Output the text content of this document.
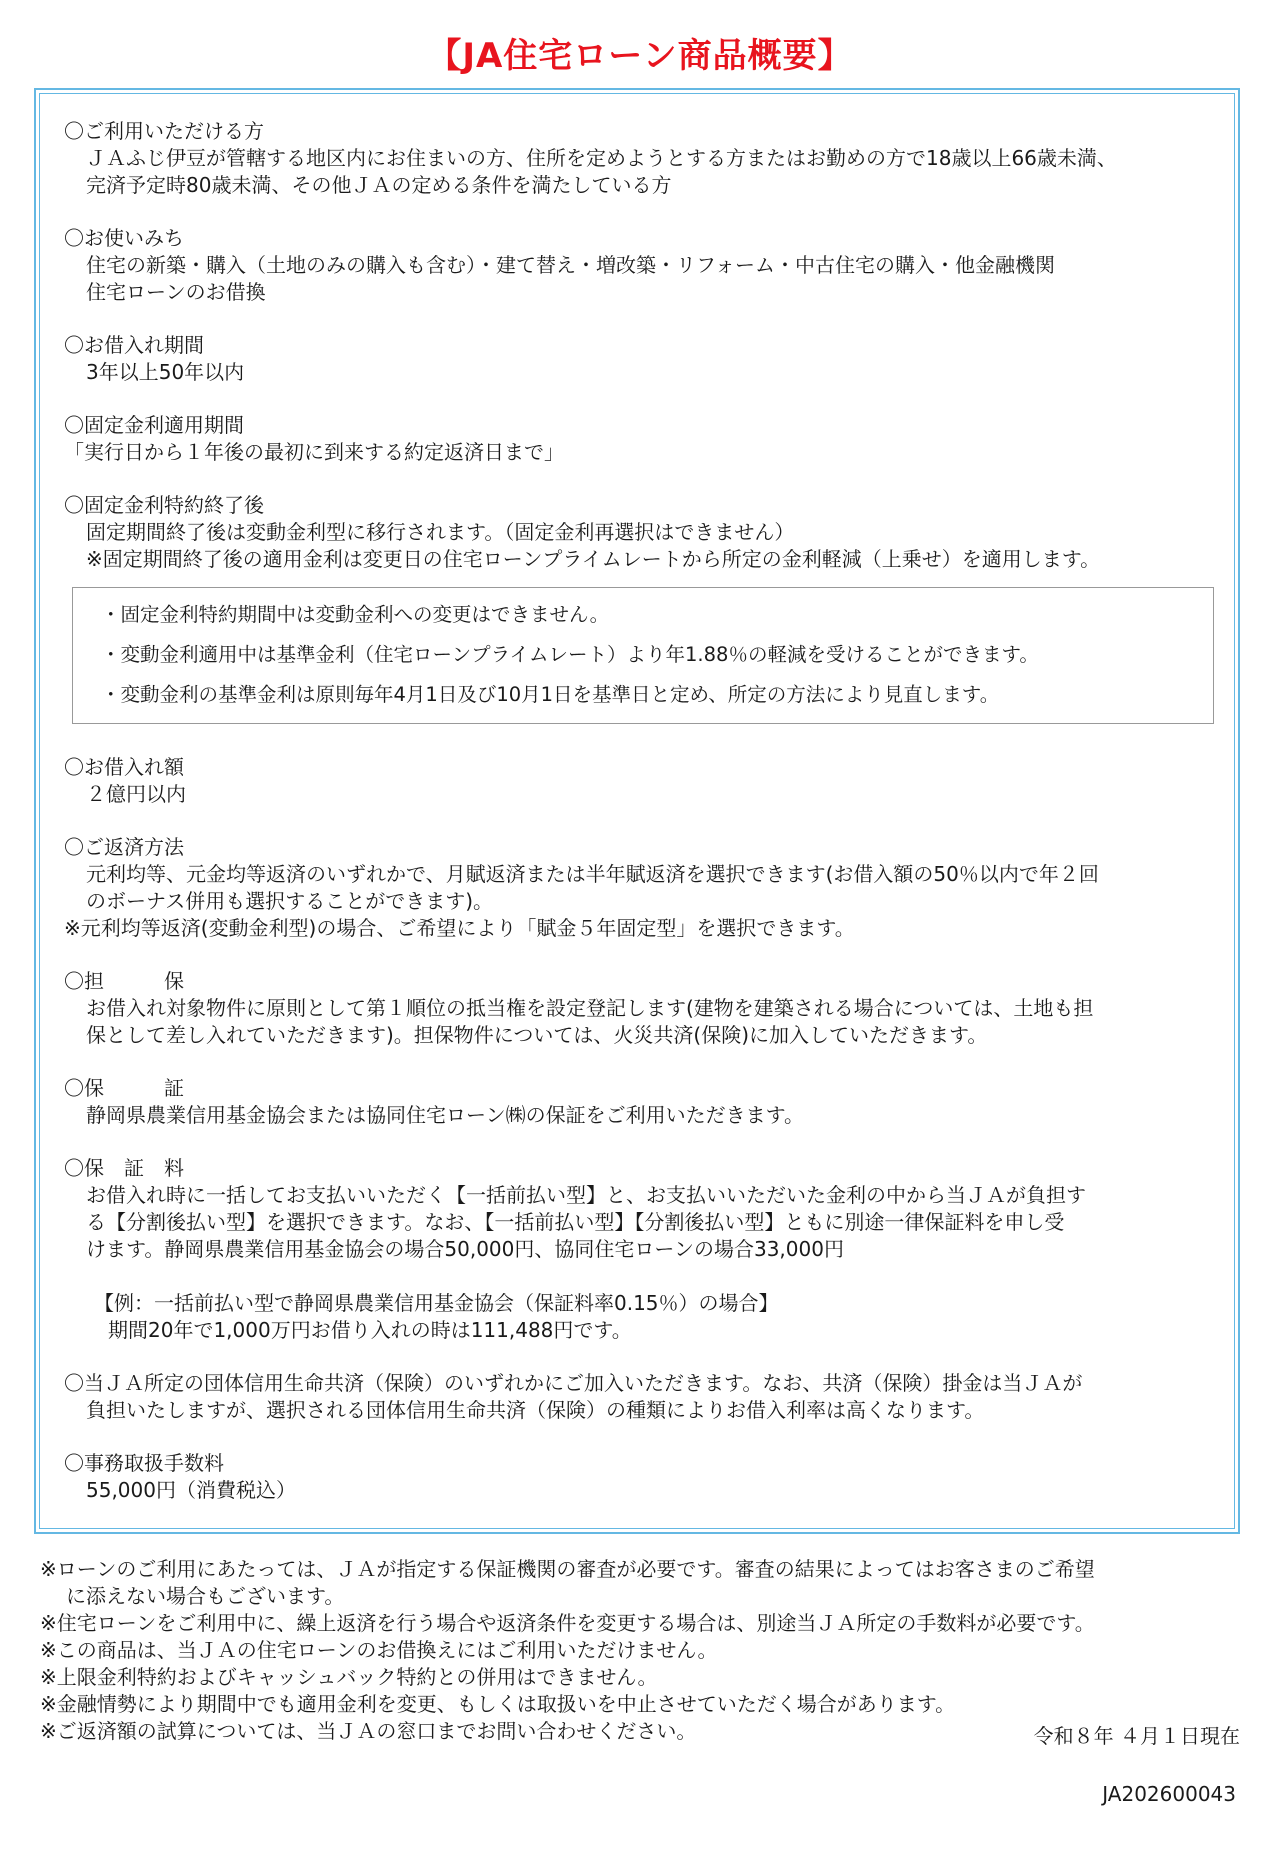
【JA住宅ローン商品概要】
〇ご利用いただける方
ＪＡふじ伊豆が管轄する地区内にお住まいの方、住所を定めようとする方またはお勤めの方で18歳以上66歳未満、
完済予定時80歳未満、その他ＪＡの定める条件を満たしている方
〇お使いみち
住宅の新築・購入（土地のみの購入も含む）・建て替え・増改築・リフォーム・中古住宅の購入・他金融機関
住宅ローンのお借換
〇お借入れ期間
3年以上50年以内
〇固定金利適用期間
「実行日から１年後の最初に到来する約定返済日まで」
〇固定金利特約終了後
固定期間終了後は変動金利型に移行されます。（固定金利再選択はできません）
※固定期間終了後の適用金利は変更日の住宅ローンプライムレートから所定の金利軽減（上乗せ）を適用します。
・固定金利特約期間中は変動金利への変更はできません。
・変動金利適用中は基準金利（住宅ローンプライムレート）より年1.88％の軽減を受けることができます。
・変動金利の基準金利は原則毎年4月1日及び10月1日を基準日と定め、所定の方法により見直します。
〇お借入れ額
２億円以内
〇ご返済方法
元利均等、元金均等返済のいずれかで、月賦返済または半年賦返済を選択できます(お借入額の50％以内で年２回
のボーナス併用も選択することができます)。
※元利均等返済(変動金利型)の場合、ご希望により「賦金５年固定型」を選択できます。
〇担　　　保
お借入れ対象物件に原則として第１順位の抵当権を設定登記します(建物を建築される場合については、土地も担
保として差し入れていただきます)。担保物件については、火災共済(保険)に加入していただきます。
〇保　　　証
静岡県農業信用基金協会または協同住宅ローン㈱の保証をご利用いただきます。
〇保　証　料
お借入れ時に一括してお支払いいただく【一括前払い型】と、お支払いいただいた金利の中から当ＪＡが負担す
る【分割後払い型】を選択できます。なお、【一括前払い型】【分割後払い型】ともに別途一律保証料を申し受
けます。静岡県農業信用基金協会の場合50,000円、協同住宅ローンの場合33,000円
【例：一括前払い型で静岡県農業信用基金協会（保証料率0.15％）の場合】
期間20年で1,000万円お借り入れの時は111,488円です。
〇当ＪＡ所定の団体信用生命共済（保険）のいずれかにご加入いただきます。なお、共済（保険）掛金は当ＪＡが
負担いたしますが、選択される団体信用生命共済（保険）の種類によりお借入利率は高くなります。
〇事務取扱手数料
55,000円（消費税込）
※ローンのご利用にあたっては、ＪＡが指定する保証機関の審査が必要です。審査の結果によってはお客さまのご希望
に添えない場合もございます。
※住宅ローンをご利用中に、繰上返済を行う場合や返済条件を変更する場合は、別途当ＪＡ所定の手数料が必要です。
※この商品は、当ＪＡの住宅ローンのお借換えにはご利用いただけません。
※上限金利特約およびキャッシュバック特約との併用はできません。
※金融情勢により期間中でも適用金利を変更、もしくは取扱いを中止させていただく場合があります。
※ご返済額の試算については、当ＪＡの窓口までお問い合わせください。	令和８年 ４月１日現在
JA202600043
